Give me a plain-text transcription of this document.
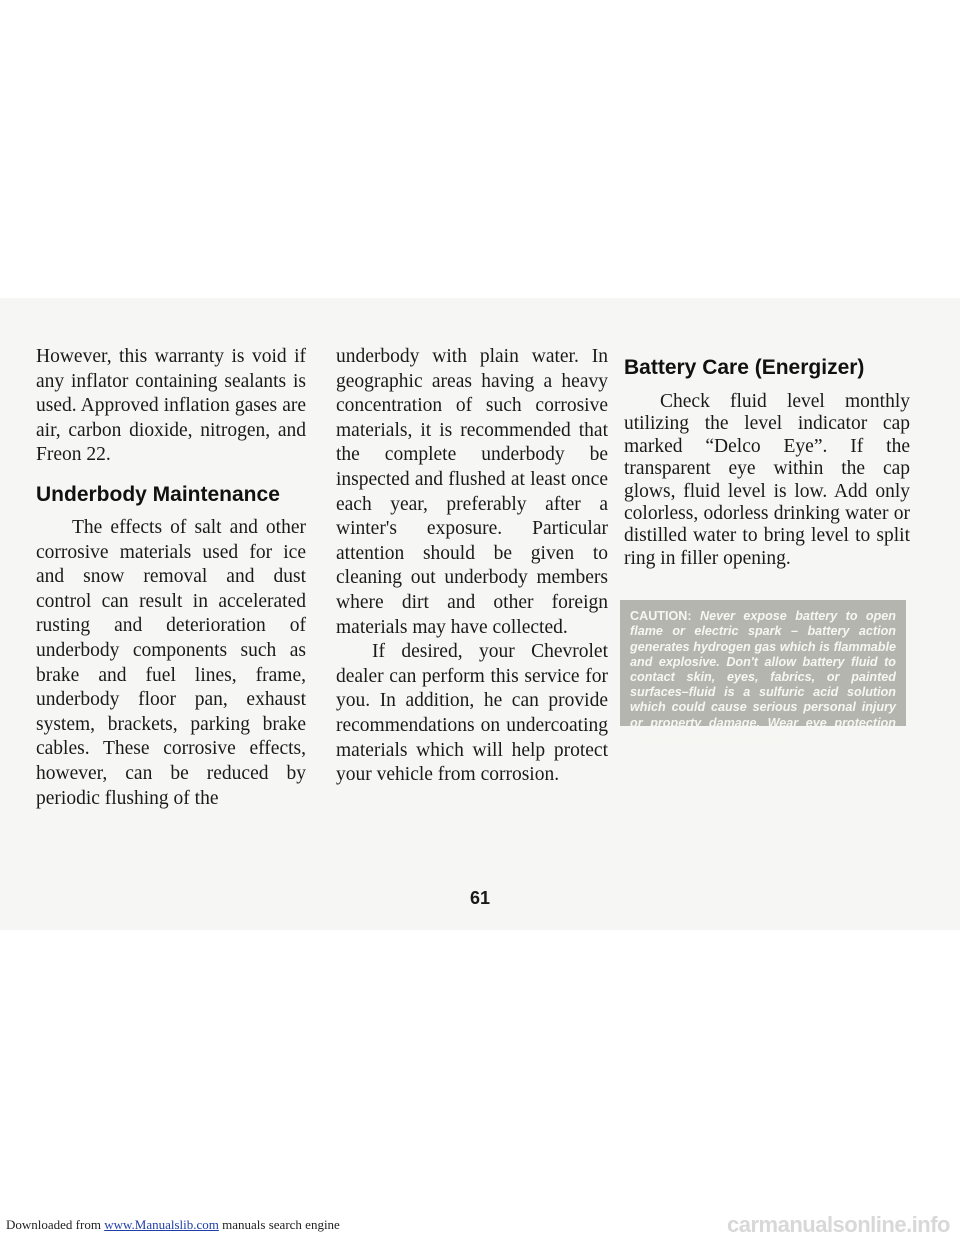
However, this warranty is void if any inflator containing sealants is used. Approved inflation gases are air, carbon dioxide, nitrogen, and Freon 22.

Underbody Maintenance

The effects of salt and other corrosive materials used for ice and snow removal and dust control can result in accelerated rusting and deterioration of underbody components such as brake and fuel lines, frame, underbody floor pan, exhaust system, brackets, parking brake cables. These corrosive effects, however, can be reduced by periodic flushing of the

underbody with plain water. In geographic areas having a heavy concentration of such corrosive materials, it is recommended that the complete underbody be inspected and flushed at least once each year, preferably after a winter's exposure. Particular attention should be given to cleaning out underbody members where dirt and other foreign materials may have collected.

If desired, your Chevrolet dealer can perform this service for you. In addition, he can provide recommendations on undercoating materials which will help protect your vehicle from corrosion.

Battery Care (Energizer)

Check fluid level monthly utilizing the level indicator cap marked “Delco Eye”. If the transparent eye within the cap glows, fluid level is low. Add only colorless, odorless drinking water or distilled water to bring level to split ring in filler opening.

CAUTION: Never expose battery to open flame or electric spark – battery action generates hydrogen gas which is flammable and explosive. Don't allow battery fluid to contact skin, eyes, fabrics, or painted surfaces–fluid is a sulfuric acid solution which could cause serious personal injury or property damage. Wear eye protection when working with battery.
61
Downloaded from www.Manualslib.com manuals search engine	carmanualsonline.info
